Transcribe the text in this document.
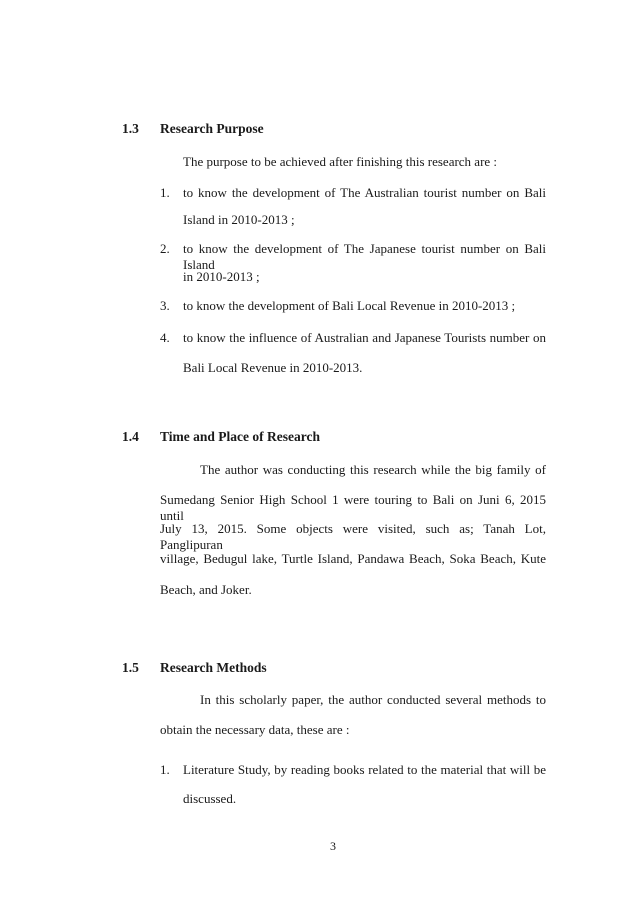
1.3 Research Purpose
The purpose to be achieved after finishing this research are :
1. to know the development of The Australian tourist number on Bali
Island in 2010-2013 ;
2. to know the development of The Japanese tourist number on Bali Island
in 2010-2013 ;
3. to know the development of Bali Local Revenue in 2010-2013 ;
4. to know the influence of Australian and Japanese Tourists number on
Bali Local Revenue in 2010-2013.
1.4 Time and Place of Research
The author was conducting this research while the big family of
Sumedang Senior High School 1 were touring to Bali on Juni 6, 2015 until
July 13, 2015. Some objects were visited, such as; Tanah Lot, Panglipuran
village, Bedugul lake, Turtle Island, Pandawa Beach, Soka Beach, Kute
Beach, and Joker.
1.5 Research Methods
In this scholarly paper, the author conducted several methods to
obtain the necessary data, these are :
1. Literature Study, by reading books related to the material that will be
discussed.
3
